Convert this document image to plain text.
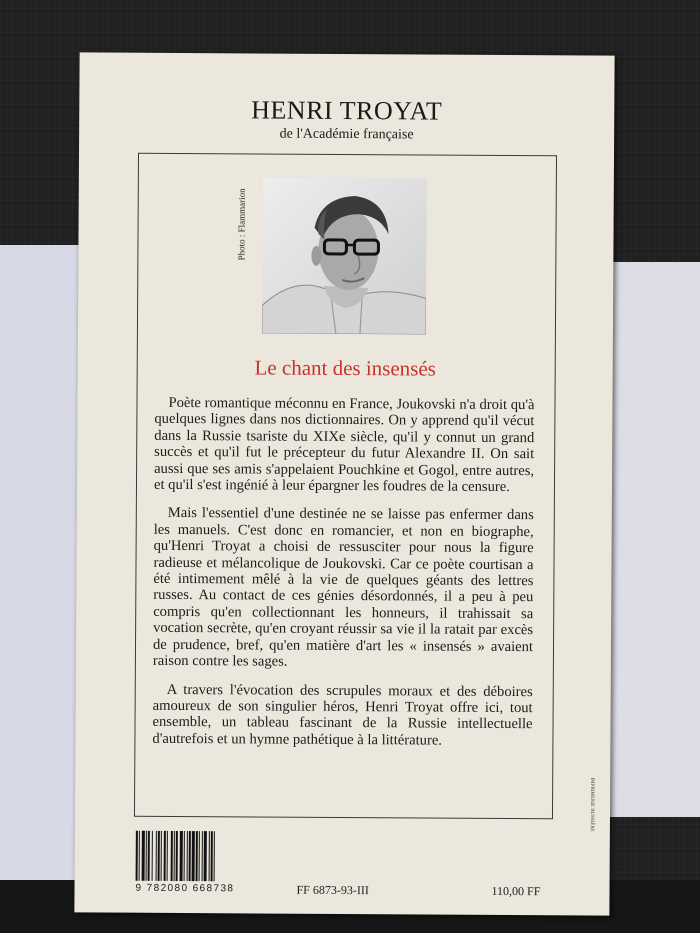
HENRI TROYAT
de l'Académie française
Photo : Flammarion
Le chant des insensés

Poète romantique méconnu en France, Joukovski n'a droit qu'à quelques lignes dans nos dictionnaires. On y apprend qu'il vécut dans la Russie tsariste du XIXe siècle, qu'il y connut un grand succès et qu'il fut le précepteur du futur Alexandre II. On sait aussi que ses amis s'appelaient Pouchkine et Gogol, entre autres, et qu'il s'est ingénié à leur épargner les foudres de la censure.

Mais l'essentiel d'une destinée ne se laisse pas enfermer dans les manuels. C'est donc en romancier, et non en biographe, qu'Henri Troyat a choisi de ressusciter pour nous la figure radieuse et mélancolique de Joukovski. Car ce poète courtisan a été intimement mêlé à la vie de quelques géants des lettres russes. Au contact de ces génies désordonnés, il a peu à peu compris qu'en collectionnant les honneurs, il trahissait sa vocation secrète, qu'en croyant réussir sa vie il la ratait par excès de prudence, bref, qu'en matière d'art les « insensés » avaient raison contre les sages.

A travers l'évocation des scrupules moraux et des déboires amoureux de son singulier héros, Henri Troyat offre ici, tout ensemble, un tableau fascinant de la Russie intellectuelle d'autrefois et un hymne pathétique à la littérature.

IMPRIMERIE BUSSIÈRE
9 782080 668738	FF 6873-93-III	110,00 FF
